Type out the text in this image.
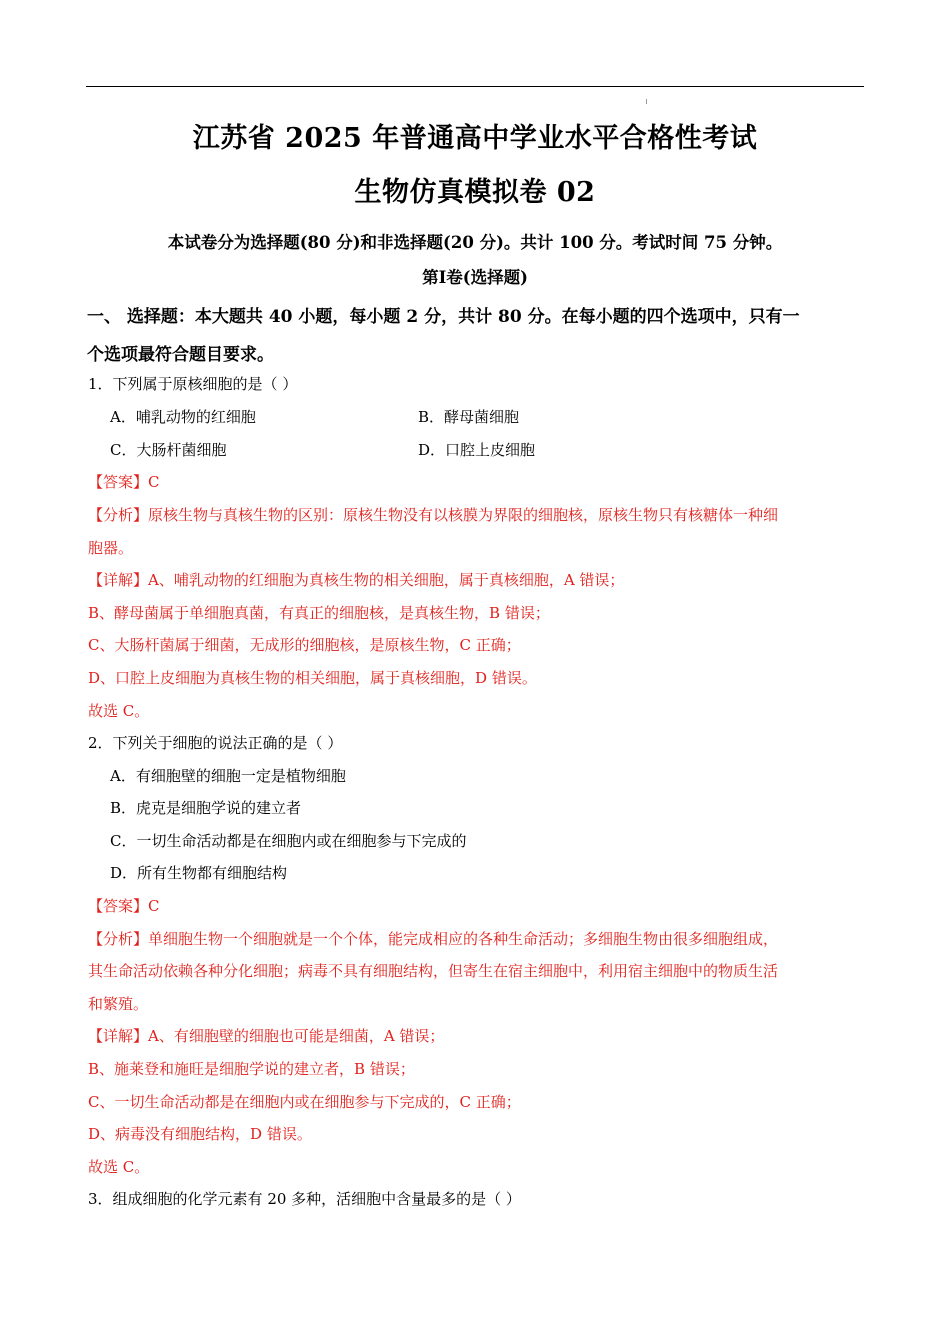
江苏省 2025 年普通高中学业水平合格性考试
生物仿真模拟卷 02
本试卷分为选择题(80 分)和非选择题(20 分)。共计 100 分。考试时间 75 分钟。
第Ⅰ卷(选择题)
一、 选择题：本大题共 40 小题，每小题 2 分，共计 80 分。在每小题的四个选项中，只有一
个选项最符合题目要求。
1．下列属于原核细胞的是（ ）
A．哺乳动物的红细胞	B．酵母菌细胞
C．大肠杆菌细胞	D．口腔上皮细胞
【答案】C
【分析】原核生物与真核生物的区别：原核生物没有以核膜为界限的细胞核，原核生物只有核糖体一种细
胞器。
【详解】A、哺乳动物的红细胞为真核生物的相关细胞，属于真核细胞，A 错误；
B、酵母菌属于单细胞真菌，有真正的细胞核，是真核生物，B 错误；
C、大肠杆菌属于细菌，无成形的细胞核，是原核生物，C 正确；
D、口腔上皮细胞为真核生物的相关细胞，属于真核细胞，D 错误。
故选 C。
2．下列关于细胞的说法正确的是（ ）
A．有细胞壁的细胞一定是植物细胞
B．虎克是细胞学说的建立者
C．一切生命活动都是在细胞内或在细胞参与下完成的
D．所有生物都有细胞结构
【答案】C
【分析】单细胞生物一个细胞就是一个个体，能完成相应的各种生命活动；多细胞生物由很多细胞组成，
其生命活动依赖各种分化细胞；病毒不具有细胞结构，但寄生在宿主细胞中，利用宿主细胞中的物质生活
和繁殖。
【详解】A、有细胞壁的细胞也可能是细菌，A 错误；
B、施莱登和施旺是细胞学说的建立者，B 错误；
C、一切生命活动都是在细胞内或在细胞参与下完成的，C 正确；
D、病毒没有细胞结构，D 错误。
故选 C。
3．组成细胞的化学元素有 20 多种，活细胞中含量最多的是（ ）
